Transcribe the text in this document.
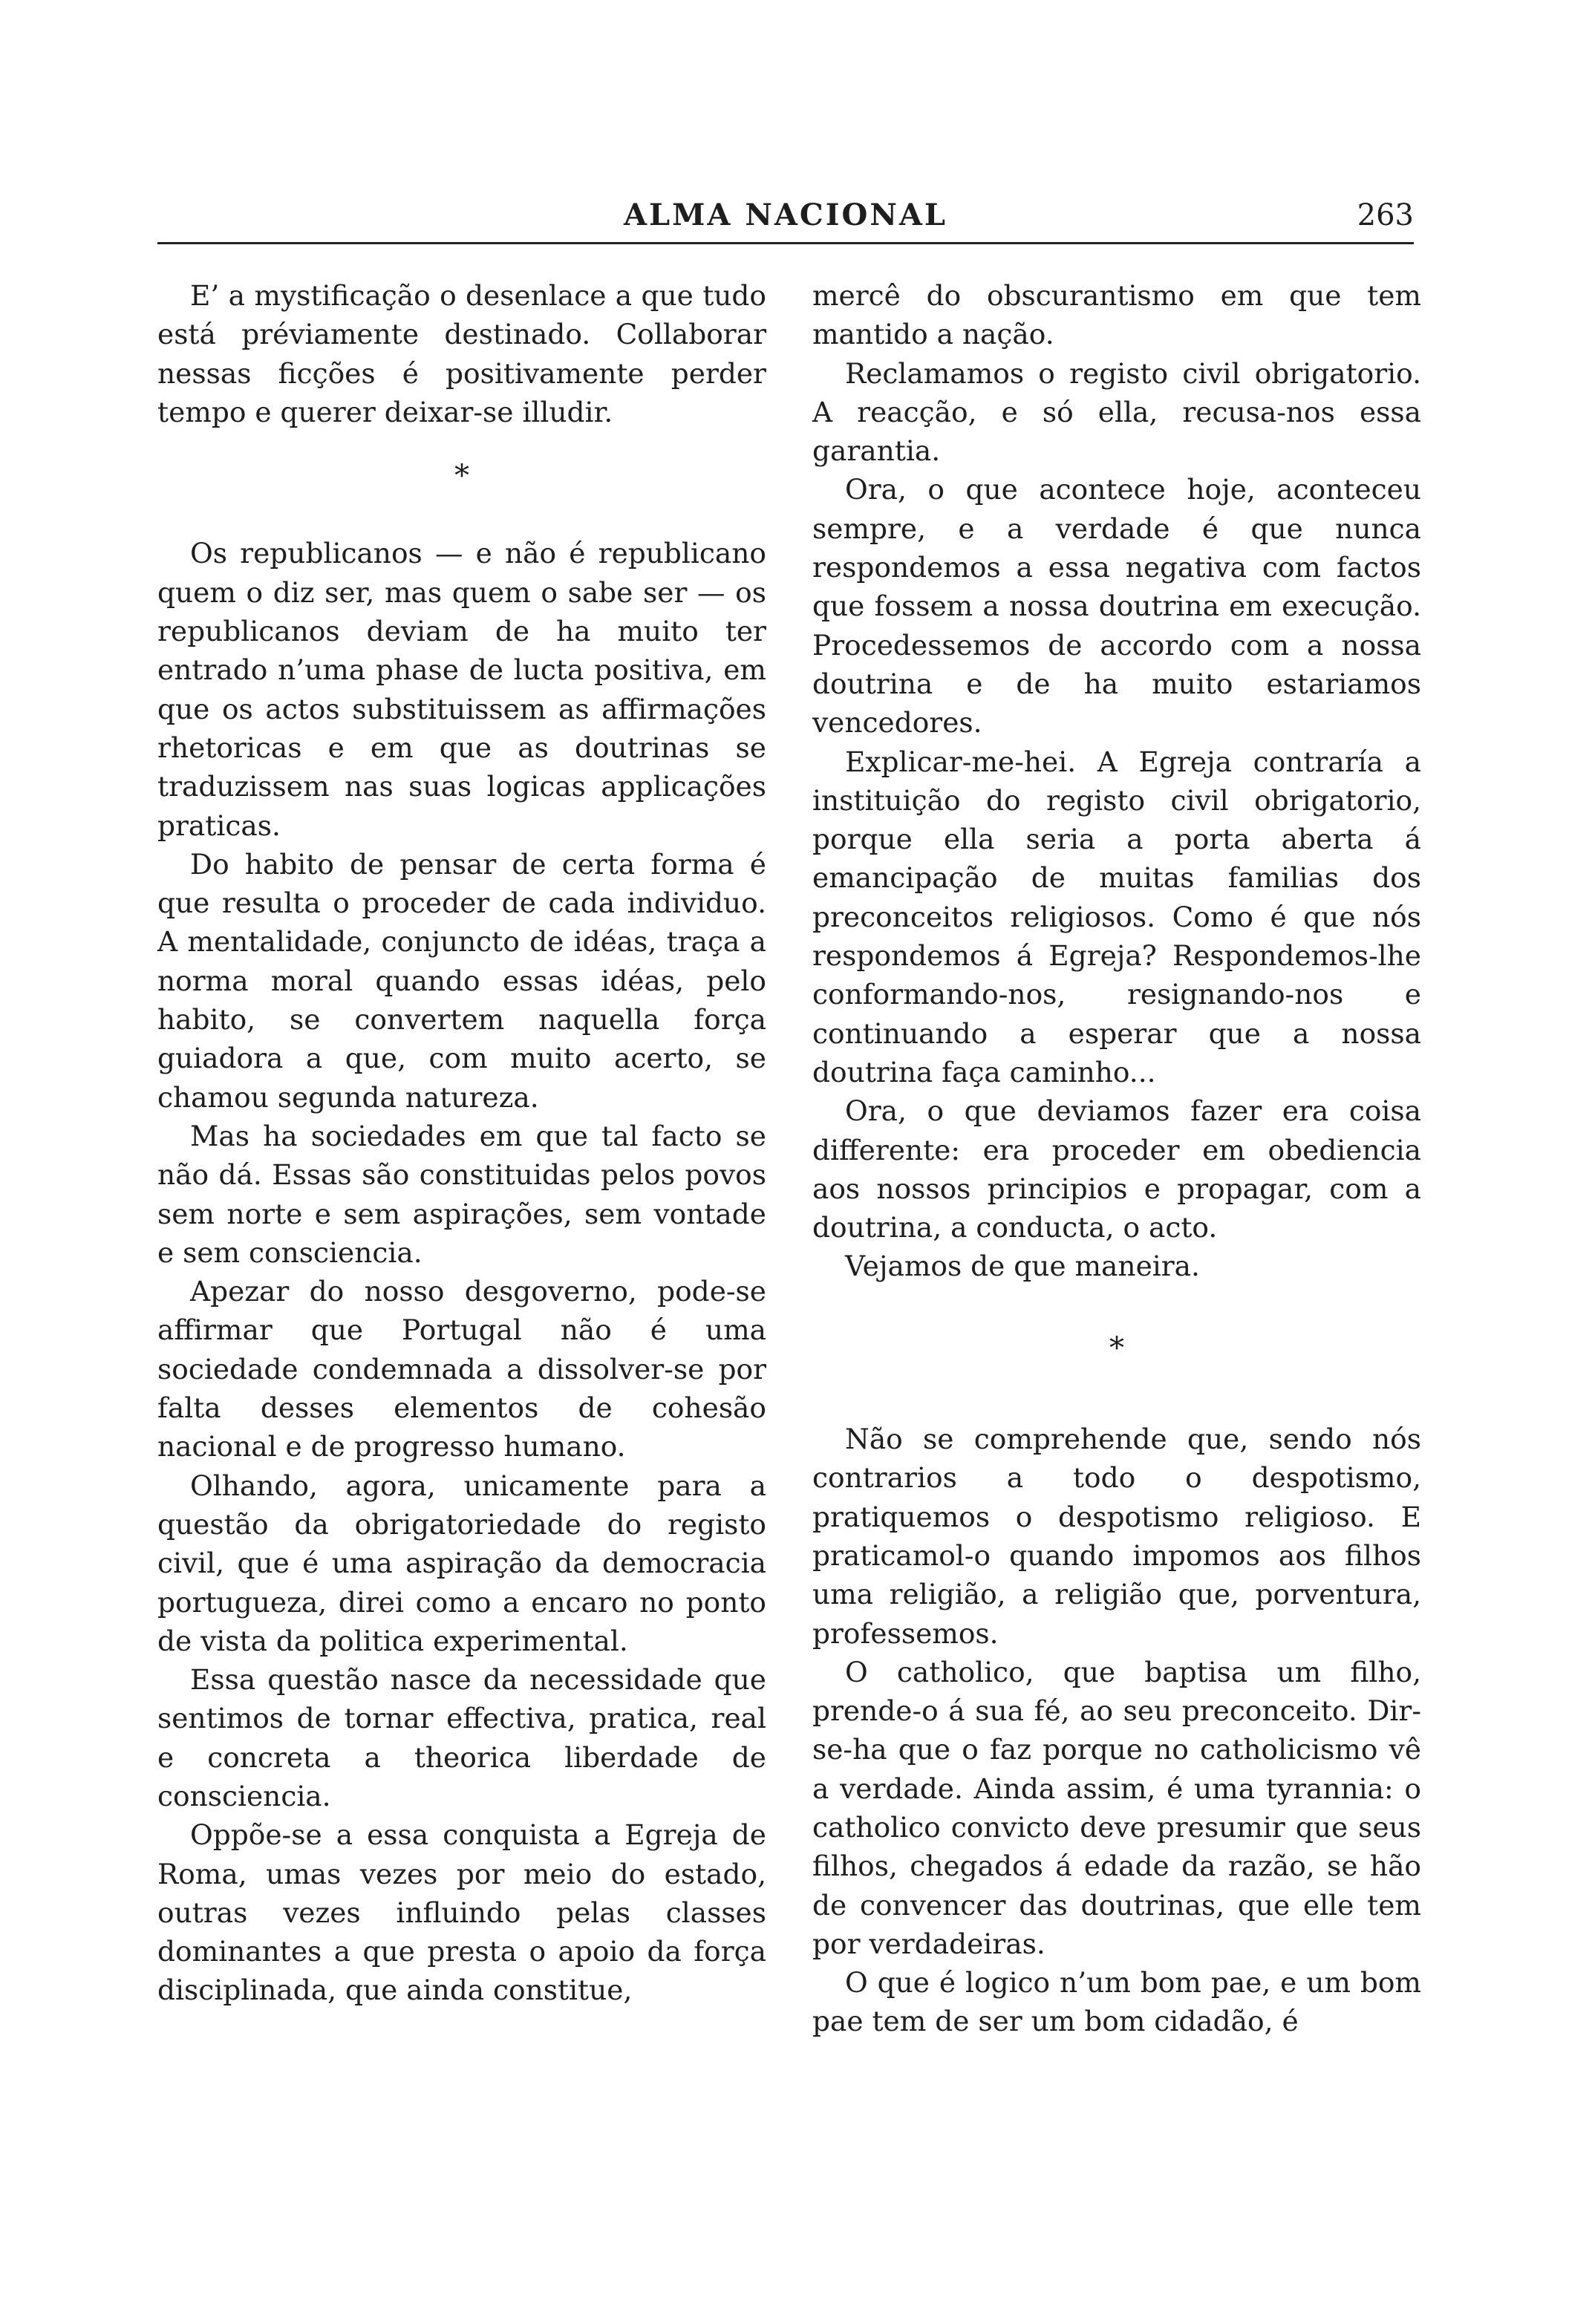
ALMA NACIONAL	263

E’ a mystificação o desenlace a que tudo está préviamente destinado. Collaborar nessas ficções é positivamente perder tempo e querer deixar-se illudir.

*

Os republicanos — e não é republicano quem o diz ser, mas quem o sabe ser — os republicanos deviam de ha muito ter entrado n’uma phase de lucta positiva, em que os actos substituissem as affirmações rhetoricas e em que as doutrinas se traduzissem nas suas logicas applicações praticas.

Do habito de pensar de certa forma é que resulta o proceder de cada individuo. A mentalidade, conjuncto de idéas, traça a norma moral quando essas idéas, pelo habito, se convertem naquella força guiadora a que, com muito acerto, se chamou segunda natureza.

Mas ha sociedades em que tal facto se não dá. Essas são constituidas pelos povos sem norte e sem aspirações, sem vontade e sem consciencia.

Apezar do nosso desgoverno, pode-se affirmar que Portugal não é uma sociedade condemnada a dissolver-se por falta desses elementos de cohesão nacional e de progresso humano.

Olhando, agora, unicamente para a questão da obrigatoriedade do registo civil, que é uma aspiração da democracia portugueza, direi como a encaro no ponto de vista da politica experimental.

Essa questão nasce da necessidade que sentimos de tornar effectiva, pratica, real e concreta a theorica liberdade de consciencia.

Oppõe-se a essa conquista a Egreja de Roma, umas vezes por meio do estado, outras vezes influindo pelas classes dominantes a que presta o apoio da força disciplinada, que ainda constitue,

mercê do obscurantismo em que tem mantido a nação.

Reclamamos o registo civil obrigatorio. A reacção, e só ella, recusa-nos essa garantia.

Ora, o que acontece hoje, aconteceu sempre, e a verdade é que nunca respondemos a essa negativa com factos que fossem a nossa doutrina em execução. Procedessemos de accordo com a nossa doutrina e de ha muito estariamos vencedores.

Explicar-me-hei. A Egreja contraría a instituição do registo civil obrigatorio, porque ella seria a porta aberta á emancipação de muitas familias dos preconceitos religiosos. Como é que nós respondemos á Egreja? Respondemos-lhe conformando-nos, resignando-nos e continuando a esperar que a nossa doutrina faça caminho...

Ora, o que deviamos fazer era coisa differente: era proceder em obediencia aos nossos principios e propagar, com a doutrina, a conducta, o acto.

Vejamos de que maneira.

*

Não se comprehende que, sendo nós contrarios a todo o despotismo, pratiquemos o despotismo religioso. E praticamol-o quando impomos aos filhos uma religião, a religião que, porventura, professemos.

O catholico, que baptisa um filho, prende-o á sua fé, ao seu preconceito. Dir-se-ha que o faz porque no catholicismo vê a verdade. Ainda assim, é uma tyrannia: o catholico convicto deve presumir que seus filhos, chegados á edade da razão, se hão de convencer das doutrinas, que elle tem por verdadeiras.

O que é logico n’um bom pae, e um bom pae tem de ser um bom cidadão, é
